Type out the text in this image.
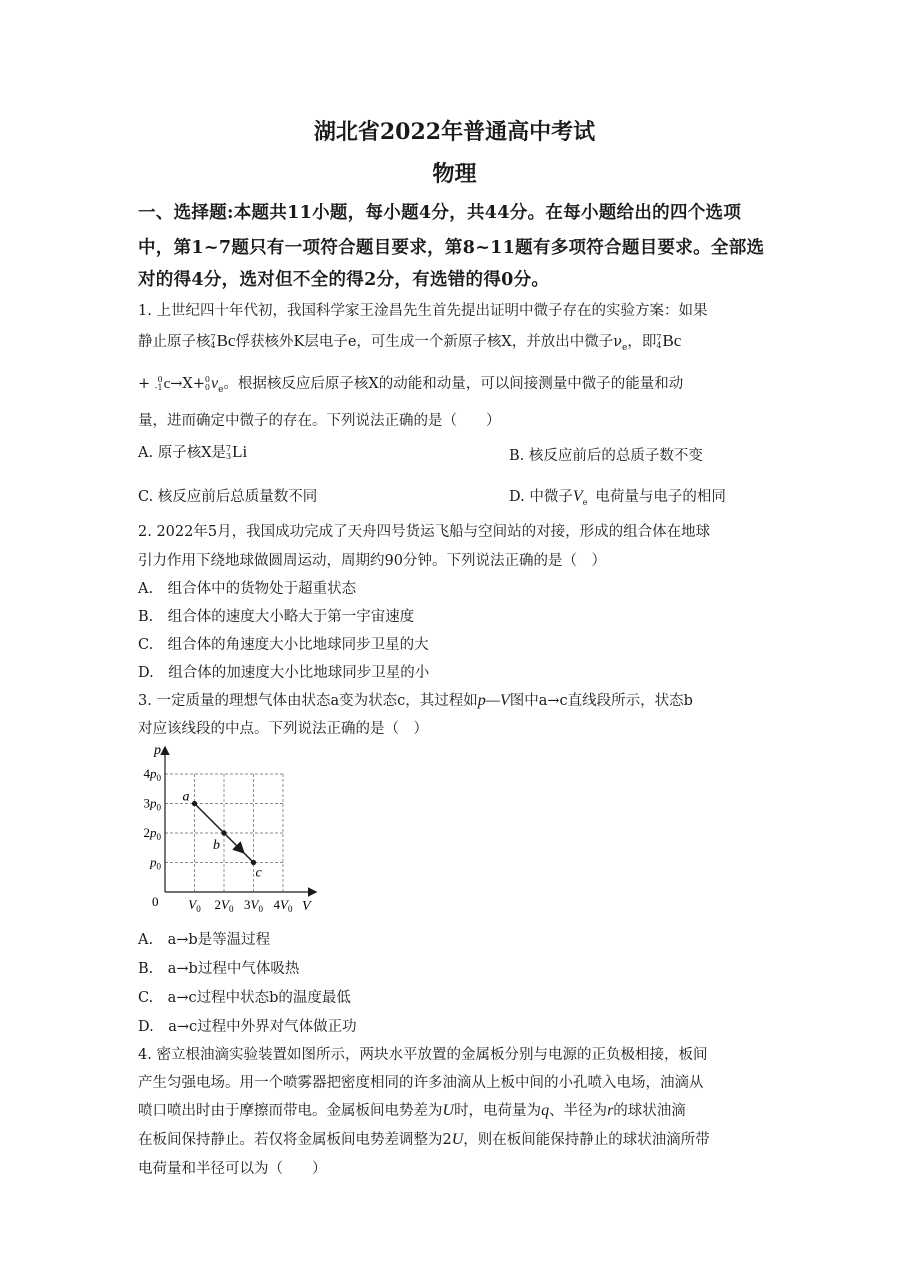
湖北省2022年普通高中考试
物理
一、选择题:本题共11小题，每小题4分，共44分。在每小题给出的四个选项
中，第1~7题只有一项符合题目要求，第8~11题有多项符合题目要求。全部选
对的得4分，选对但不全的得2分，有选错的得0分。
1. 上世纪四十年代初，我国科学家王淦昌先生首先提出证明中微子存在的实验方案：如果
静止原子核 7
4 Bc俘获核外K层电子e，可生成一个新原子核X，并放出中微子$\nu_e$，即 7
4 Bc
+ 0
-1 c→X+ 0
0 $v_e$。根据核反应后原子核X的动能和动量，可以间接测量中微子的能量和动
量，进而确定中微子的存在。下列说法正确的是（　　）
A. 原子核X是 7
3 Li	B. 核反应前后的总质子数不变
C. 核反应前后总质量数不同	D. 中微子$V_e$ 电荷量与电子的相同
2. 2022年5月，我国成功完成了天舟四号货运飞船与空间站的对接，形成的组合体在地球
引力作用下绕地球做圆周运动，周期约90分钟。下列说法正确的是（　）
A.　组合体中的货物处于超重状态
B.　组合体的速度大小略大于第一宇宙速度
C.　组合体的角速度大小比地球同步卫星的大
D.　组合体的加速度大小比地球同步卫星的小
3. 一定质量的理想气体由状态a变为状态c，其过程如p—V图中a→c直线段所示，状态b
对应该线段的中点。下列说法正确的是（　）
p
V
0 $V_0$ $2V_0$ $3V_0$ $4V_0$
$p_0$
$2p_0$
$3p_0$
$4p_0$
a
b
c
A.　a→b是等温过程
B.　a→b过程中气体吸热
C.　a→c过程中状态b的温度最低
D.　a→c过程中外界对气体做正功
4. 密立根油滴实验装置如图所示，两块水平放置的金属板分别与电源的正负极相接，板间
产生匀强电场。用一个喷雾器把密度相同的许多油滴从上板中间的小孔喷入电场，油滴从
喷口喷出时由于摩擦而带电。金属板间电势差为U时，电荷量为q、半径为r的球状油滴
在板间保持静止。若仅将金属板间电势差调整为2U，则在板间能保持静止的球状油滴所带
电荷量和半径可以为（　　）
